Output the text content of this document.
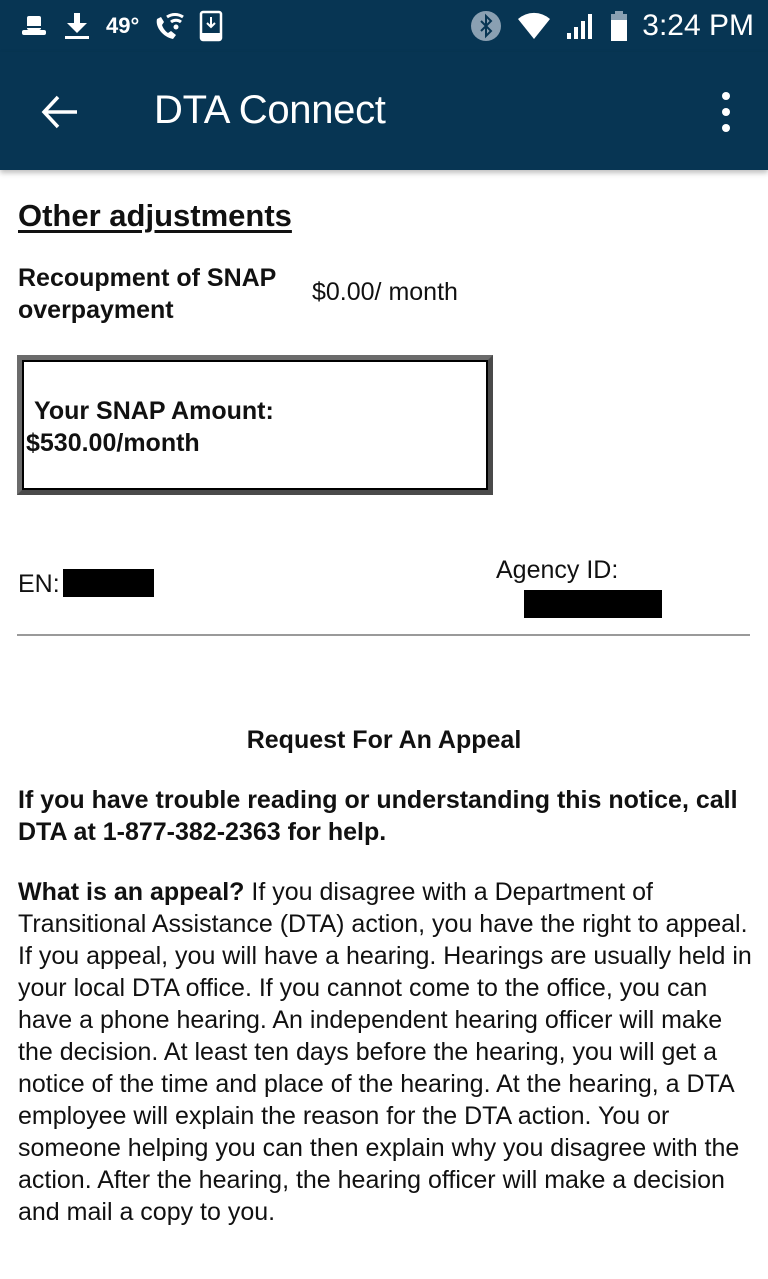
49°	3:24 PM
DTA Connect
Other adjustments
Recoupment of SNAP overpayment
$0.00/ month
Your SNAP Amount:
$530.00/month
EN:	Agency ID:
Request For An Appeal
If you have trouble reading or understanding this notice, call DTA at 1-877-382-2363 for help.
What is an appeal? If you disagree with a Department of Transitional Assistance (DTA) action, you have the right to appeal. If you appeal, you will have a hearing. Hearings are usually held in your local DTA office. If you cannot come to the office, you can have a phone hearing. An independent hearing officer will make the decision. At least ten days before the hearing, you will get a notice of the time and place of the hearing. At the hearing, a DTA employee will explain the reason for the DTA action. You or someone helping you can then explain why you disagree with the action. After the hearing, the hearing officer will make a decision and mail a copy to you.
